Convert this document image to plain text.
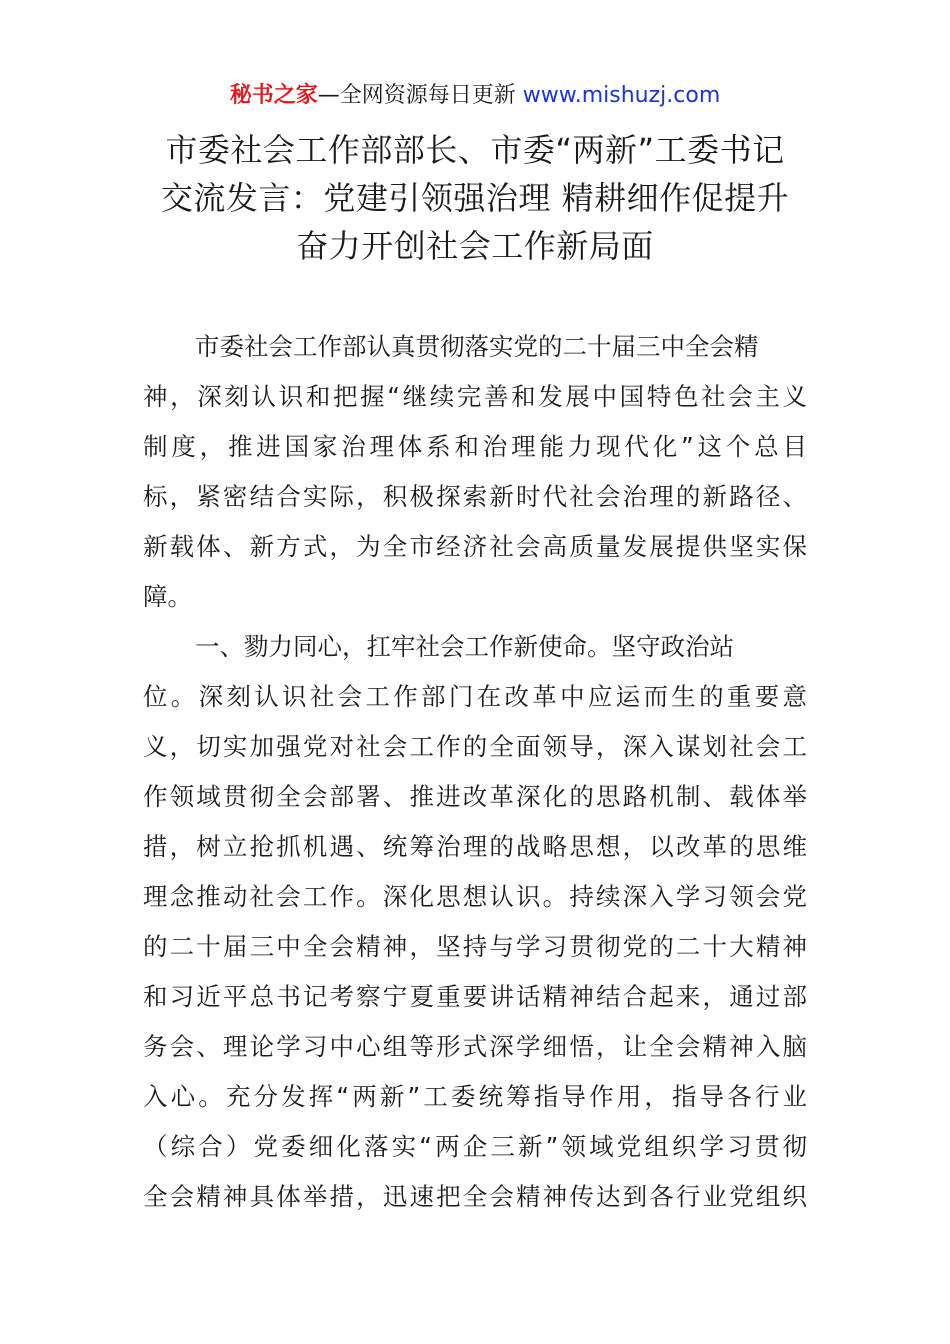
秘书之家—全网资源每日更新 www.mishuzj.com
市委社会工作部部长、市委“两新”工委书记
交流发言：党建引领强治理 精耕细作促提升
奋力开创社会工作新局面
市委社会工作部认真贯彻落实党的二十届三中全会精
神，深刻认识和把握“继续完善和发展中国特色社会主义
制度，推进国家治理体系和治理能力现代化”这个总目
标，紧密结合实际，积极探索新时代社会治理的新路径、
新载体、新方式，为全市经济社会高质量发展提供坚实保
障。
一、勠力同心，扛牢社会工作新使命。坚守政治站
位。深刻认识社会工作部门在改革中应运而生的重要意
义，切实加强党对社会工作的全面领导，深入谋划社会工
作领域贯彻全会部署、推进改革深化的思路机制、载体举
措，树立抢抓机遇、统筹治理的战略思想，以改革的思维
理念推动社会工作。深化思想认识。持续深入学习领会党
的二十届三中全会精神，坚持与学习贯彻党的二十大精神
和习近平总书记考察宁夏重要讲话精神结合起来，通过部
务会、理论学习中心组等形式深学细悟，让全会精神入脑
入心。充分发挥“两新”工委统筹指导作用，指导各行业
（综合）党委细化落实“两企三新”领域党组织学习贯彻
全会精神具体举措，迅速把全会精神传达到各行业党组织
